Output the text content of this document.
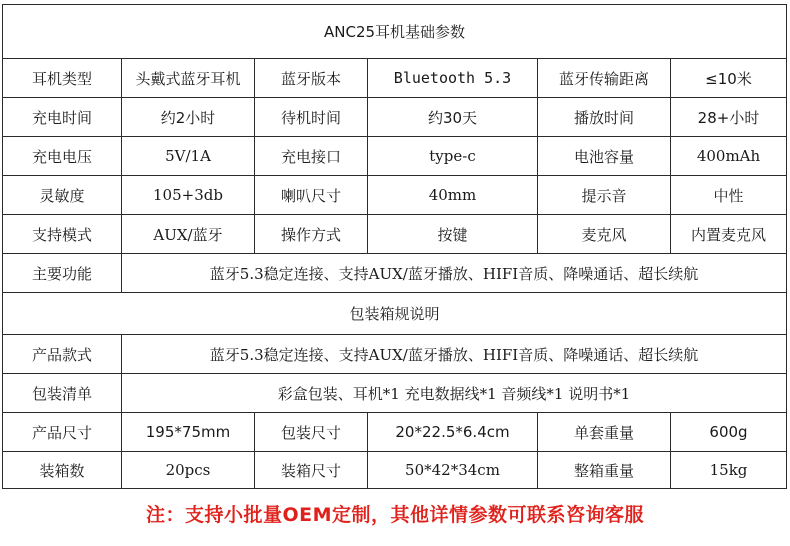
ANC25耳机基础参数					
耳机类型	头戴式蓝牙耳机	蓝牙版本	Bluetooth 5.3	蓝牙传输距离	≤10米
充电时间	约2小时	待机时间	约30天	播放时间	28+小时
充电电压	5V/1A	充电接口	type-c	电池容量	400mAh
灵敏度	105+3db	喇叭尺寸	40mm	提示音	中性
支持模式	AUX/蓝牙	操作方式	按键	麦克风	内置麦克风
主要功能	蓝牙5.3稳定连接、支持AUX/蓝牙播放、HIFI音质、降噪通话、超长续航				
包装箱规说明					
产品款式	蓝牙5.3稳定连接、支持AUX/蓝牙播放、HIFI音质、降噪通话、超长续航				
包装清单	彩盒包装、耳机*1 充电数据线*1 音频线*1 说明书*1				
产品尺寸	195*75mm	包装尺寸	20*22.5*6.4cm	单套重量	600g
装箱数	20pcs	装箱尺寸	50*42*34cm	整箱重量	15kg
注：支持小批量OEM定制，其他详情参数可联系咨询客服
